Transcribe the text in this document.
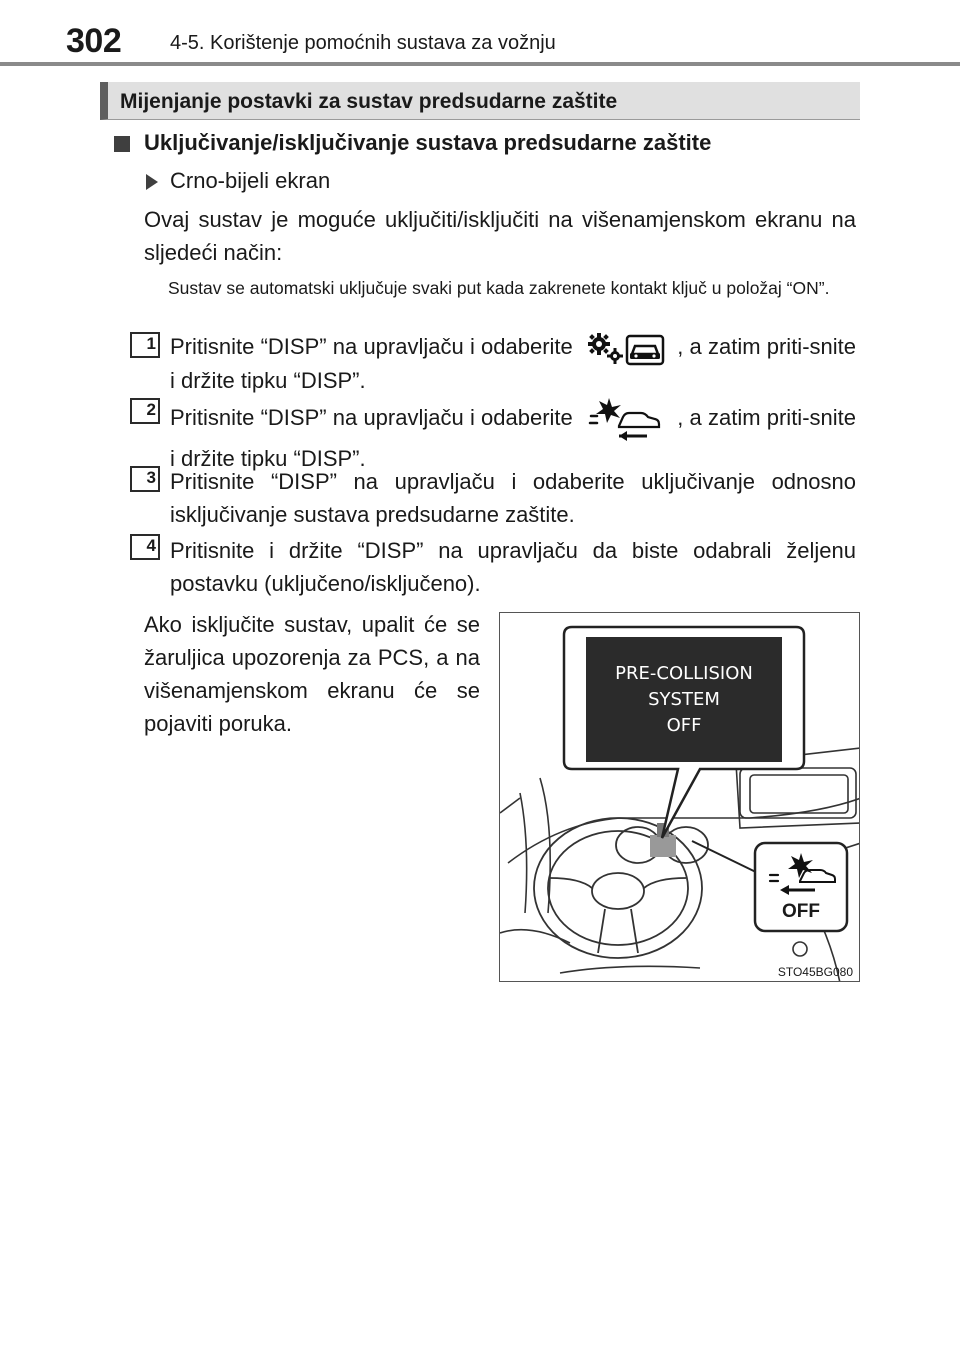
302 4-5. Korištenje pomoćnih sustava za vožnju
Mijenjanje postavki za sustav predsudarne zaštite
Uključivanje/isključivanje sustava predsudarne zaštite
Crno-bijeli ekran
Ovaj sustav je moguće uključiti/isključiti na višenamjenskom ekranu na sljedeći način:
Sustav se automatski uključuje svaki put kada zakrenete kontakt ključ u položaj “ON”.
1 Pritisnite “DISP” na upravljaču i odaberite	, a zatim priti-snite i držite tipku “DISP”.
2 Pritisnite “DISP” na upravljaču i odaberite	, a zatim priti-snite i držite tipku “DISP”.
3 Pritisnite “DISP” na upravljaču i odaberite uključivanje odnosno isključivanje sustava predsudarne zaštite.
4 Pritisnite i držite “DISP” na upravljaču da biste odabrali željenu postavku (uključeno/isključeno).
Ako isključite sustav, upalit će se žaruljica upozorenja za PCS, a na višenamjenskom ekranu će se pojaviti poruka.
PRE-COLLISION
SYSTEM
OFF
OFF
STO45BG080
